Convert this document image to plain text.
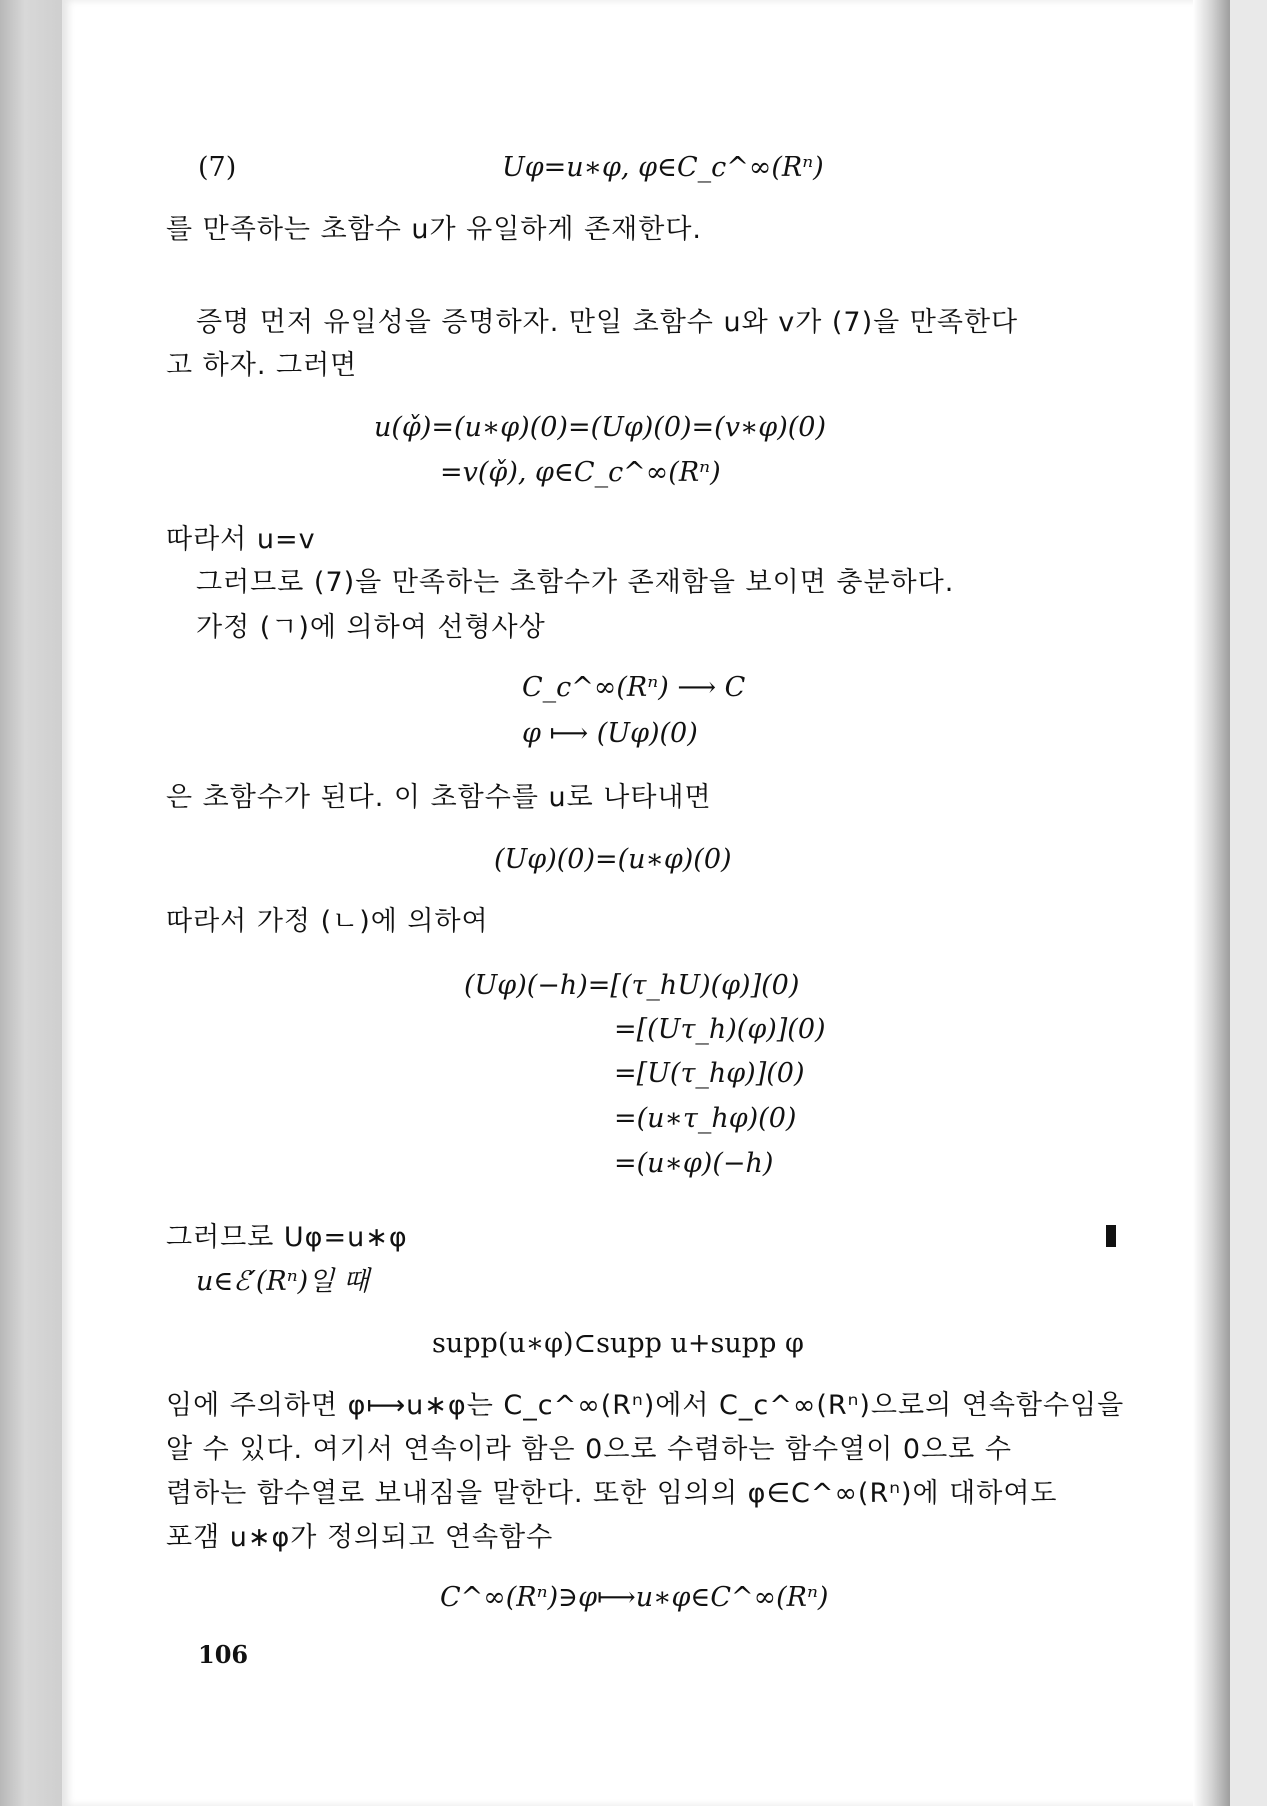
(7)	Uφ=u∗φ, φ∈C_c^∞(Rⁿ)
를 만족하는 초함수 u가 유일하게 존재한다.
증명 먼저 유일성을 증명하자. 만일 초함수 u와 v가 (7)을 만족한다
고 하자. 그러면
u(φ̌)=(u∗φ)(0)=(Uφ)(0)=(v∗φ)(0)
=v(φ̌), φ∈C_c^∞(Rⁿ)
따라서 u=v
그러므로 (7)을 만족하는 초함수가 존재함을 보이면 충분하다.
가정 (ㄱ)에 의하여 선형사상
C_c^∞(Rⁿ) ⟶ C
φ ⟼ (Uφ)(0)
은 초함수가 된다. 이 초함수를 u로 나타내면
(Uφ)(0)=(u∗φ)(0)
따라서 가정 (ㄴ)에 의하여
(Uφ)(−h)=[(τ_hU)(φ)](0)
=[(Uτ_h)(φ)](0)
=[U(τ_hφ)](0)
=(u∗τ_hφ)(0)
=(u∗φ)(−h)
그러므로 Uφ=u∗φ
u∈ℰ′(Rⁿ)일 때
supp(u∗φ)⊂supp u+supp φ
임에 주의하면 φ⟼u∗φ는 C_c^∞(Rⁿ)에서 C_c^∞(Rⁿ)으로의 연속함수임을
알 수 있다. 여기서 연속이라 함은 0으로 수렴하는 함수열이 0으로 수
렴하는 함수열로 보내짐을 말한다. 또한 임의의 φ∈C^∞(Rⁿ)에 대하여도
포갬 u∗φ가 정의되고 연속함수
C^∞(Rⁿ)∋φ⟼u∗φ∈C^∞(Rⁿ)
106
